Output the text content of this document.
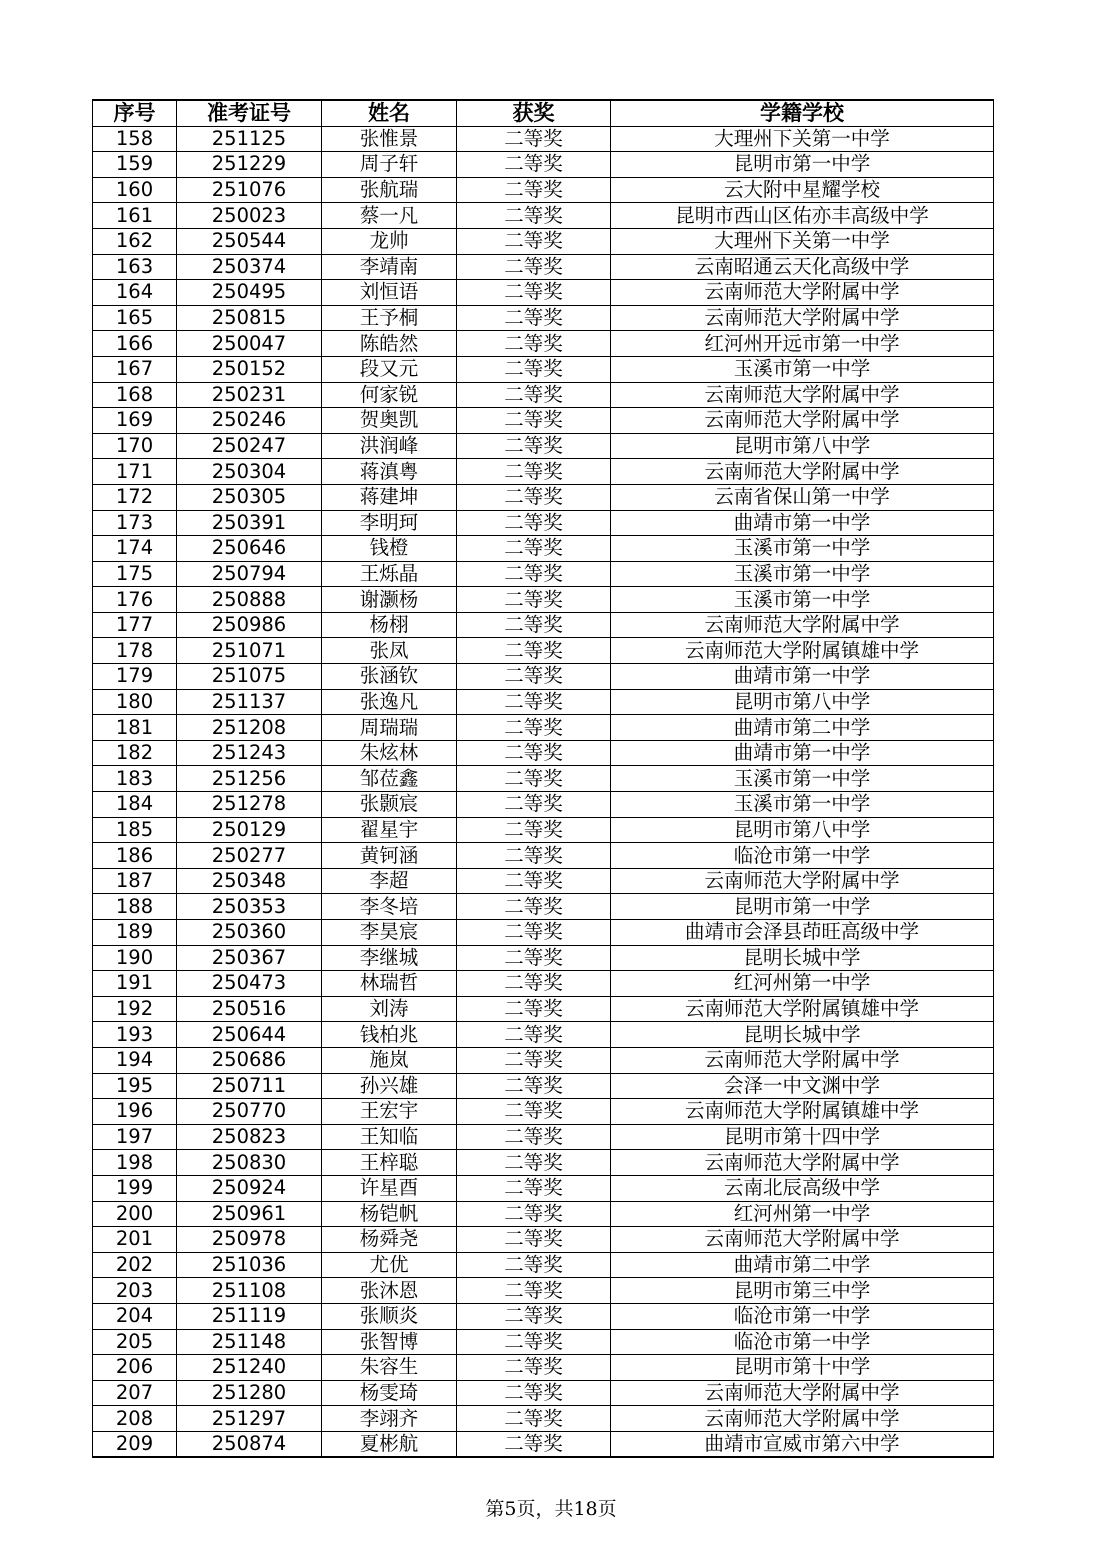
序号	准考证号	姓名	获奖	学籍学校
158	251125	张惟景	二等奖	大理州下关第一中学
159	251229	周子轩	二等奖	昆明市第一中学
160	251076	张航瑞	二等奖	云大附中星耀学校
161	250023	蔡一凡	二等奖	昆明市西山区佑亦丰高级中学
162	250544	龙帅	二等奖	大理州下关第一中学
163	250374	李靖南	二等奖	云南昭通云天化高级中学
164	250495	刘恒语	二等奖	云南师范大学附属中学
165	250815	王予桐	二等奖	云南师范大学附属中学
166	250047	陈皓然	二等奖	红河州开远市第一中学
167	250152	段又元	二等奖	玉溪市第一中学
168	250231	何家锐	二等奖	云南师范大学附属中学
169	250246	贺奥凯	二等奖	云南师范大学附属中学
170	250247	洪润峰	二等奖	昆明市第八中学
171	250304	蒋滇粤	二等奖	云南师范大学附属中学
172	250305	蒋建坤	二等奖	云南省保山第一中学
173	250391	李明珂	二等奖	曲靖市第一中学
174	250646	钱橙	二等奖	玉溪市第一中学
175	250794	王烁晶	二等奖	玉溪市第一中学
176	250888	谢灏杨	二等奖	玉溪市第一中学
177	250986	杨栩	二等奖	云南师范大学附属中学
178	251071	张凤	二等奖	云南师范大学附属镇雄中学
179	251075	张涵钦	二等奖	曲靖市第一中学
180	251137	张逸凡	二等奖	昆明市第八中学
181	251208	周瑞瑞	二等奖	曲靖市第二中学
182	251243	朱炫林	二等奖	曲靖市第一中学
183	251256	邹莅鑫	二等奖	玉溪市第一中学
184	251278	张颢宸	二等奖	玉溪市第一中学
185	250129	翟星宇	二等奖	昆明市第八中学
186	250277	黄钶涵	二等奖	临沧市第一中学
187	250348	李超	二等奖	云南师范大学附属中学
188	250353	李冬培	二等奖	昆明市第一中学
189	250360	李昊宸	二等奖	曲靖市会泽县茚旺高级中学
190	250367	李继城	二等奖	昆明长城中学
191	250473	林瑞哲	二等奖	红河州第一中学
192	250516	刘涛	二等奖	云南师范大学附属镇雄中学
193	250644	钱柏兆	二等奖	昆明长城中学
194	250686	施岚	二等奖	云南师范大学附属中学
195	250711	孙兴雄	二等奖	会泽一中文渊中学
196	250770	王宏宇	二等奖	云南师范大学附属镇雄中学
197	250823	王知临	二等奖	昆明市第十四中学
198	250830	王梓聪	二等奖	云南师范大学附属中学
199	250924	许星酉	二等奖	云南北辰高级中学
200	250961	杨铠帆	二等奖	红河州第一中学
201	250978	杨舜尧	二等奖	云南师范大学附属中学
202	251036	尤优	二等奖	曲靖市第二中学
203	251108	张沐恩	二等奖	昆明市第三中学
204	251119	张顺炎	二等奖	临沧市第一中学
205	251148	张智博	二等奖	临沧市第一中学
206	251240	朱容生	二等奖	昆明市第十中学
207	251280	杨雯琦	二等奖	云南师范大学附属中学
208	251297	李翊齐	二等奖	云南师范大学附属中学
209	250874	夏彬航	二等奖	曲靖市宣威市第六中学
第5页，共18页
